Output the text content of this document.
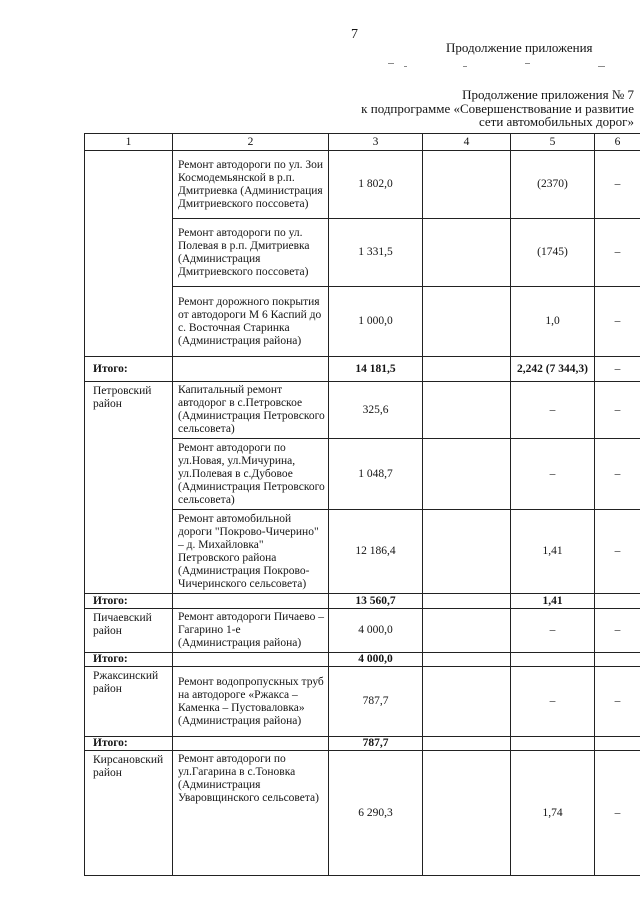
7
Продолжение приложения
Продолжение приложения № 7
к подпрограмме «Совершенствование и развитие
сети автомобильных дорог»
1	2	3	4	5	6
	Ремонт автодороги по ул. Зои Космодемьянской в р.п. Дмитриевка (Администрация Дмитриевского поссовета)	1 802,0		(2370)	–
	Ремонт автодороги по ул. Полевая в р.п. Дмитриевка (Администрация Дмитриевского поссовета)	1 331,5		(1745)	–
	Ремонт дорожного покрытия от автодороги М 6 Каспий до с. Восточная Старинка (Администрация района)	1 000,0		1,0	–
Итого:		14 181,5		2,242 (7 344,3)	–
Петровский район	Капитальный ремонт автодорог в с.Петровское (Администрация Петровского сельсовета)	325,6		–	–
	Ремонт автодороги по ул.Новая, ул.Мичурина, ул.Полевая в с.Дубовое (Администрация Петровского сельсовета)	1 048,7		–	–
	Ремонт автомобильной дороги "Покрово-Чичерино" – д. Михайловка" Петровского района (Администрация Покрово-Чичеринского сельсовета)	12 186,4		1,41	–
Итого:		13 560,7		1,41	
Пичаевский район	Ремонт автодороги Пичаево – Гагарино 1-е (Администрация района)	4 000,0		–	–
Итого:		4 000,0			
Ржаксинский район	Ремонт водопропускных труб на автодороге «Ржакса – Каменка – Пустоваловка» (Администрация района)	787,7		–	–
Итого:		787,7			
Кирсановский район	Ремонт автодороги по ул.Гагарина в с.Тоновка (Администрация Уваровщинского сельсовета)	6 290,3		1,74	–
